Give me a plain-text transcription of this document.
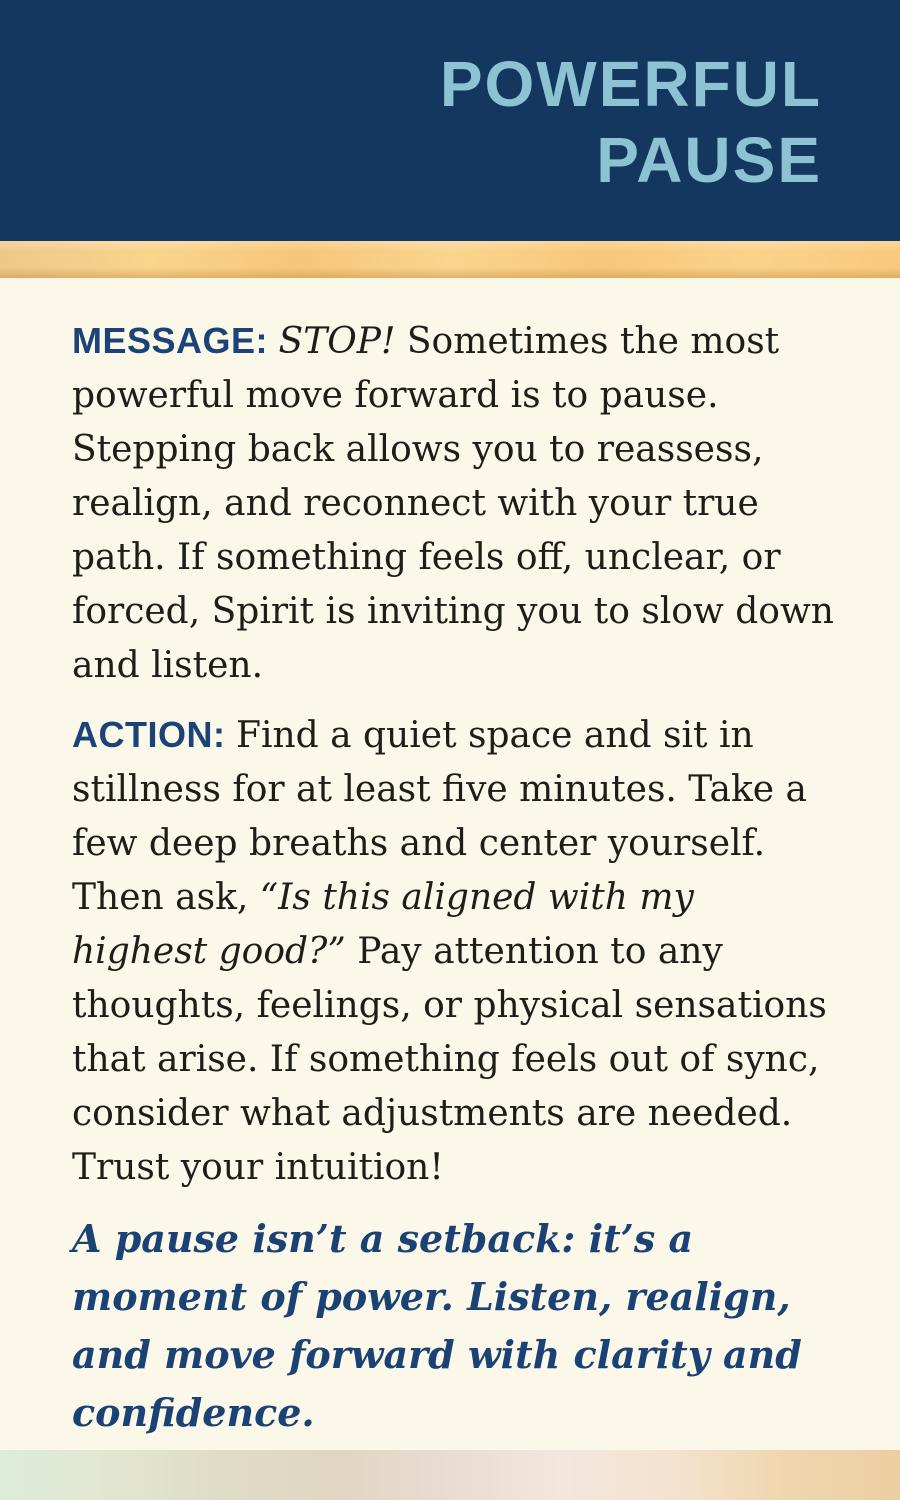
POWERFUL
PAUSE

MESSAGE: STOP! Sometimes the most powerful move forward is to pause. Stepping back allows you to reassess, realign, and reconnect with your true path. If something feels off, unclear, or forced, Spirit is inviting you to slow down and listen.

ACTION: Find a quiet space and sit in stillness for at least five minutes. Take a few deep breaths and center yourself. Then ask, “Is this aligned with my highest good?” Pay attention to any thoughts, feelings, or physical sensations that arise. If something feels out of sync, consider what adjustments are needed. Trust your intuition!

A pause isn’t a setback: it’s a moment of power. Listen, realign, and move forward with clarity and confidence.
